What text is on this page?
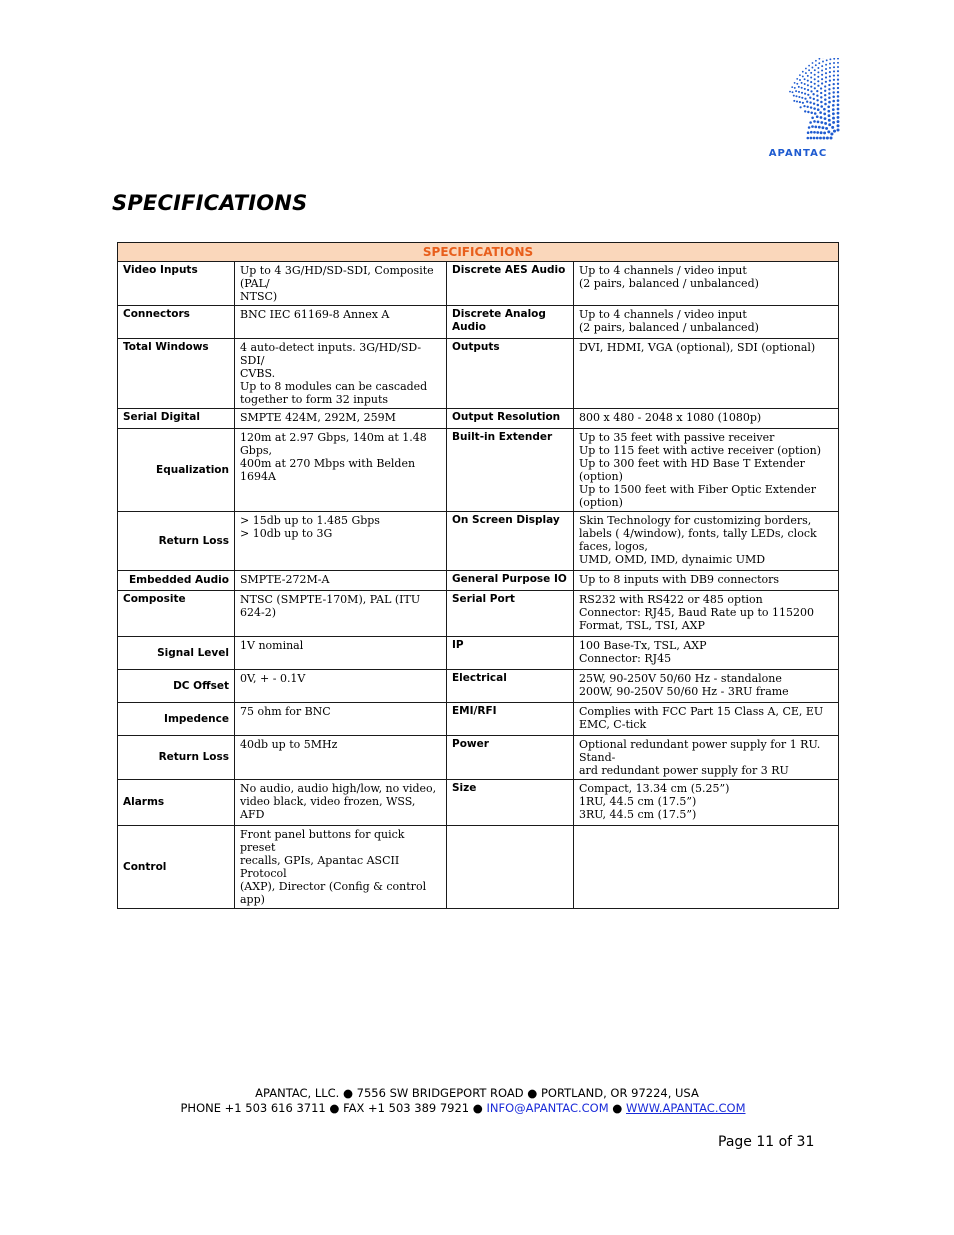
APANTAC
SPECIFICATIONS
SPECIFICATIONS			
Video Inputs	Up to 4 3G/HD/SD-SDI, Composite (PAL/
NTSC)	Discrete AES Audio	Up to 4 channels / video input
(2 pairs, balanced / unbalanced)

Connectors	BNC IEC 61169-8 Annex A	Discrete Analog Audio	Up to 4 channels / video input
(2 pairs, balanced / unbalanced)

Total Windows	4 auto-detect inputs. 3G/HD/SD-SDI/
CVBS.
Up to 8 modules can be cascaded
together to form 32 inputs	Outputs	DVI, HDMI, VGA (optional), SDI (optional)

Serial Digital	SMPTE 424M, 292M, 259M	Output Resolution	800 x 480 - 2048 x 1080 (1080p)

Equalization	120m at 2.97 Gbps, 140m at 1.48 Gbps,
400m at 270 Mbps with Belden 1694A	Built-in Extender	Up to 35 feet with passive receiver
Up to 115 feet with active receiver (option)
Up to 300 feet with HD Base T Extender (option)
Up to 1500 feet with Fiber Optic Extender (option)

Return Loss	> 15db up to 1.485 Gbps
> 10db up to 3G	On Screen Display	Skin Technology for customizing borders,
labels ( 4/window), fonts, tally LEDs, clock
faces, logos,
UMD, OMD, IMD, dynaimic UMD

Embedded Audio	SMPTE-272M-A	General Purpose IO	Up to 8 inputs with DB9 connectors

Composite	NTSC (SMPTE-170M), PAL (ITU 624-2)	Serial Port	RS232 with RS422 or 485 option
Connector: RJ45, Baud Rate up to 115200
Format, TSL, TSI, AXP

Signal Level	1V nominal	IP	100 Base-Tx, TSL, AXP
Connector: RJ45

DC Offset	0V, + - 0.1V	Electrical	25W, 90-250V 50/60 Hz - standalone
200W, 90-250V 50/60 Hz - 3RU frame

Impedence	75 ohm for BNC	EMI/RFI	Complies with FCC Part 15 Class A, CE, EU
EMC, C-tick

Return Loss	40db up to 5MHz	Power	Optional redundant power supply for 1 RU. Stand-
ard redundant power supply for 3 RU

Alarms	No audio, audio high/low, no video,
video black, video frozen, WSS, AFD	Size	Compact, 13.34 cm (5.25”)
1RU, 44.5 cm (17.5”)
3RU, 44.5 cm (17.5”)

Control	Front panel buttons for quick preset
recalls, GPIs, Apantac ASCII Protocol
(AXP), Director (Config & control app)		

APANTAC, LLC. ● 7556 SW BRIDGEPORT ROAD ● PORTLAND, OR 97224, USA
PHONE +1 503 616 3711 ● FAX +1 503 389 7921 ● INFO@APANTAC.COM ● WWW.APANTAC.COM
Page 11 of 31
